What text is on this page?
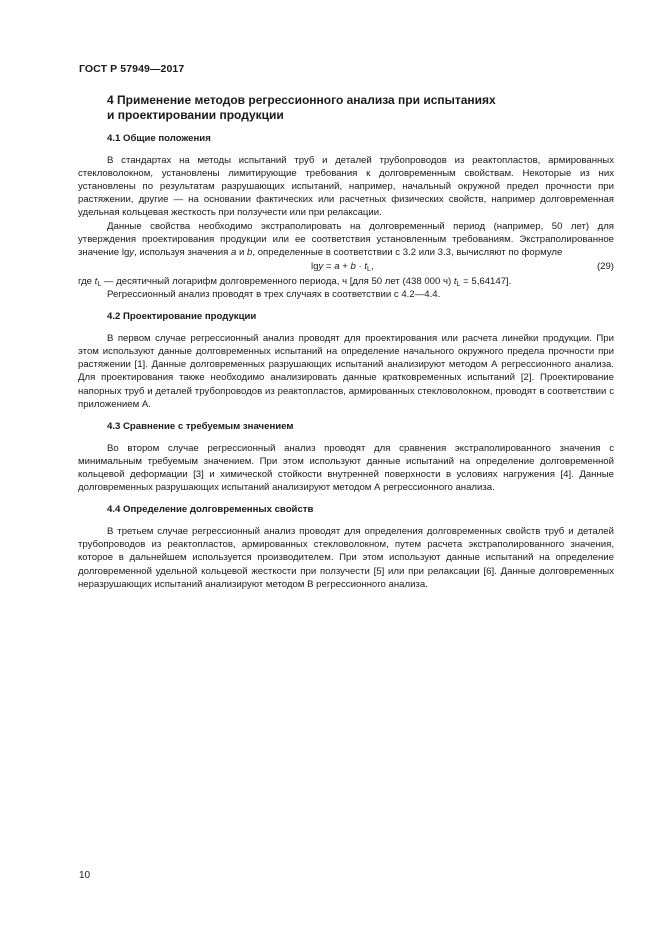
ГОСТ Р 57949—2017
4 Применение методов регрессионного анализа при испытаниях
и проектировании продукции
4.1 Общие положения

В стандартах на методы испытаний труб и деталей трубопроводов из реактопластов, армированных стекловолокном, установлены лимитирующие требования к долговременным свойствам. Некоторые из них установлены по результатам разрушающих испытаний, например, начальный окружной предел прочности при растяжении, другие — на основании фактических или расчетных физических свойств, например долговременная удельная кольцевая жесткость при ползучести или при релаксации.

Данные свойства необходимо экстраполировать на долговременный период (например, 50 лет) для утверждения проектирования продукции или ее соответствия установленным требованиям. Экстраполированное значение lgy, используя значения a и b, определенные в соответствии с 3.2 или 3.3, вычисляют по формуле

$\lg y = a + b \cdot t_L$,	(29)

где $t_L$ — десятичный логарифм долговременного периода, ч [для 50 лет (438 000 ч) $t_L = 5,64147$].

Регрессионный анализ проводят в трех случаях в соответствии с 4.2—4.4.

4.2 Проектирование продукции

В первом случае регрессионный анализ проводят для проектирования или расчета линейки продукции. При этом используют данные долговременных испытаний на определение начального окружного предела прочности при растяжении [1]. Данные долговременных разрушающих испытаний анализируют методом А регрессионного анализа. Для проектирования также необходимо анализировать данные кратковременных испытаний [2]. Проектирование напорных труб и деталей трубопроводов из реактопластов, армированных стекловолокном, проводят в соответствии с приложением А.

4.3 Сравнение с требуемым значением

Во втором случае регрессионный анализ проводят для сравнения экстраполированного значения с минимальным требуемым значением. При этом используют данные испытаний на определение долговременной кольцевой деформации [3] и химической стойкости внутренней поверхности в условиях нагружения [4]. Данные долговременных разрушающих испытаний анализируют методом А регрессионного анализа.

4.4 Определение долговременных свойств

В третьем случае регрессионный анализ проводят для определения долговременных свойств труб и деталей трубопроводов из реактопластов, армированных стекловолокном, путем расчета экстраполированного значения, которое в дальнейшем используется производителем. При этом используют данные испытаний на определение долговременной удельной кольцевой жесткости при ползучести [5] или при релаксации [6]. Данные долговременных неразрушающих испытаний анализируют методом В регрессионного анализа.

10
